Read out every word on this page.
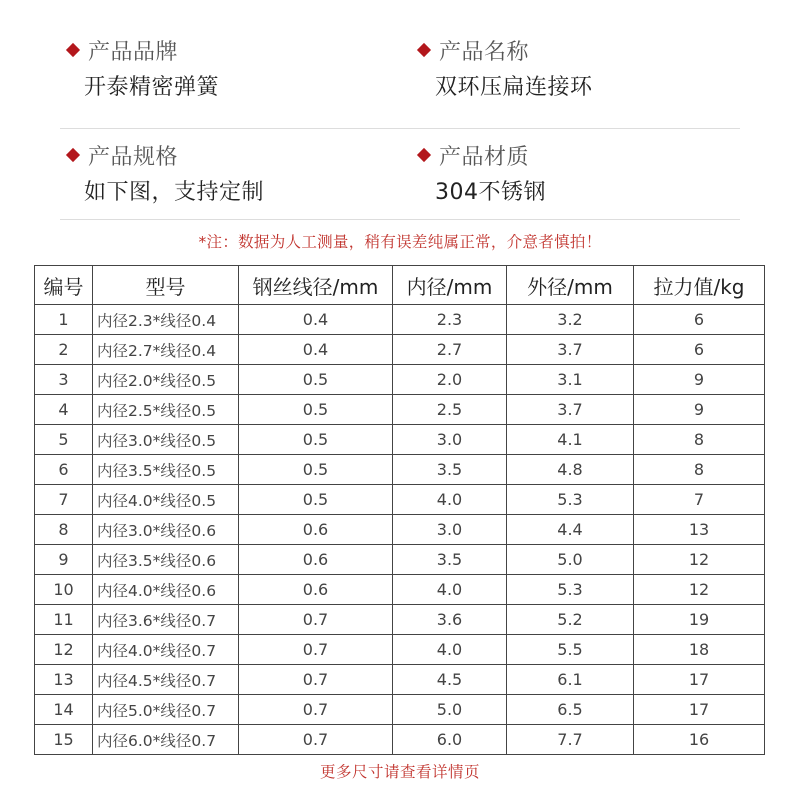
产品品牌
开泰精密弹簧
产品名称
双环压扁连接环
产品规格
如下图，支持定制
产品材质
304不锈钢
*注：数据为人工测量，稍有误差纯属正常，介意者慎拍！
编号	型号	钢丝线径/mm	内径/mm	外径/mm	拉力值/kg
1	内径2.3*线径0.4	0.4	2.3	3.2	6
2	内径2.7*线径0.4	0.4	2.7	3.7	6
3	内径2.0*线径0.5	0.5	2.0	3.1	9
4	内径2.5*线径0.5	0.5	2.5	3.7	9
5	内径3.0*线径0.5	0.5	3.0	4.1	8
6	内径3.5*线径0.5	0.5	3.5	4.8	8
7	内径4.0*线径0.5	0.5	4.0	5.3	7
8	内径3.0*线径0.6	0.6	3.0	4.4	13
9	内径3.5*线径0.6	0.6	3.5	5.0	12
10	内径4.0*线径0.6	0.6	4.0	5.3	12
11	内径3.6*线径0.7	0.7	3.6	5.2	19
12	内径4.0*线径0.7	0.7	4.0	5.5	18
13	内径4.5*线径0.7	0.7	4.5	6.1	17
14	内径5.0*线径0.7	0.7	5.0	6.5	17
15	内径6.0*线径0.7	0.7	6.0	7.7	16
更多尺寸请查看详情页
